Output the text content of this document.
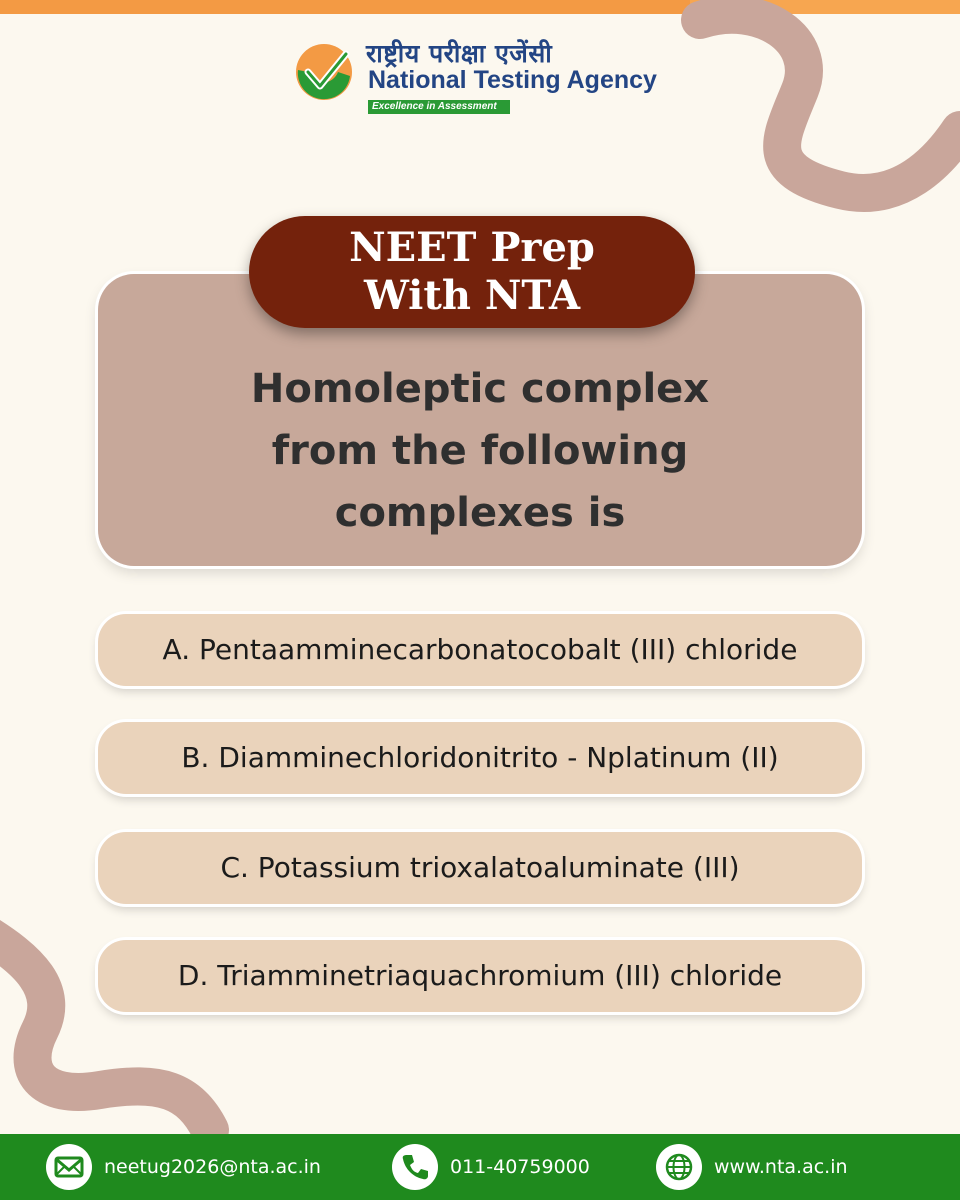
राष्ट्रीय परीक्षा एजेंसी

National Testing Agency

Excellence in Assessment
NEET Prep
With NTA
Homoleptic complex
from the following
complexes is
A. Pentaamminecarbonatocobalt (III) chloride
B. Diamminechloridonitrito - Nplatinum (II)
C. Potassium trioxalatoaluminate (III)
D. Triamminetriaquachromium (III) chloride
neetug2026@nta.ac.in	011-40759000	www.nta.ac.in
